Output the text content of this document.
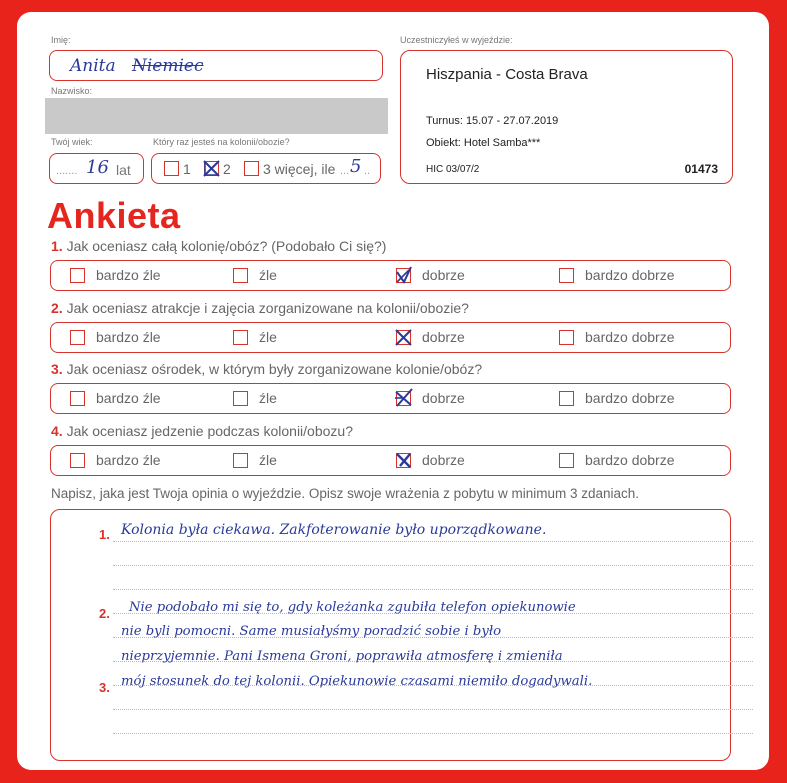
Imię:
Anita Niemiec
Nazwisko:
Twój wiek:
....... 16 lat
Który raz jesteś na kolonii/obozie?
1 2 3 więcej, ile ... 5 ..
Uczestniczyłeś w wyjeździe:
Hiszpania - Costa Brava
Turnus: 15.07 - 27.07.2019
Obiekt: Hotel Samba***
HIC 03/07/2	01473
Ankieta
1. Jak oceniasz całą kolonię/obóz? (Podobało Ci się?)
bardzo źle	źle	dobrze	bardzo dobrze
2. Jak oceniasz atrakcje i zajęcia zorganizowane na kolonii/obozie?
bardzo źle	źle	dobrze	bardzo dobrze
3. Jak oceniasz ośrodek, w którym były zorganizowane kolonie/obóz?
bardzo źle	źle	dobrze	bardzo dobrze
4. Jak oceniasz jedzenie podczas kolonii/obozu?
bardzo źle	źle	dobrze	bardzo dobrze
Napisz, jaka jest Twoja opinia o wyjeździe. Opisz swoje wrażenia z pobytu w minimum 3 zdaniach.
1.
2.
3.
Kolonia była ciekawa. Zakfoterowanie było uporządkowane.
Nie podobało mi się to, gdy koleżanka zgubiła telefon opiekunowie
nie byli pomocni. Same musiałyśmy poradzić sobie i było
nieprzyjemnie. Pani Ismena Groni, poprawiła atmosferę i zmieniła
mój stosunek do tej kolonii. Opiekunowie czasami niemiło dogadywali.
